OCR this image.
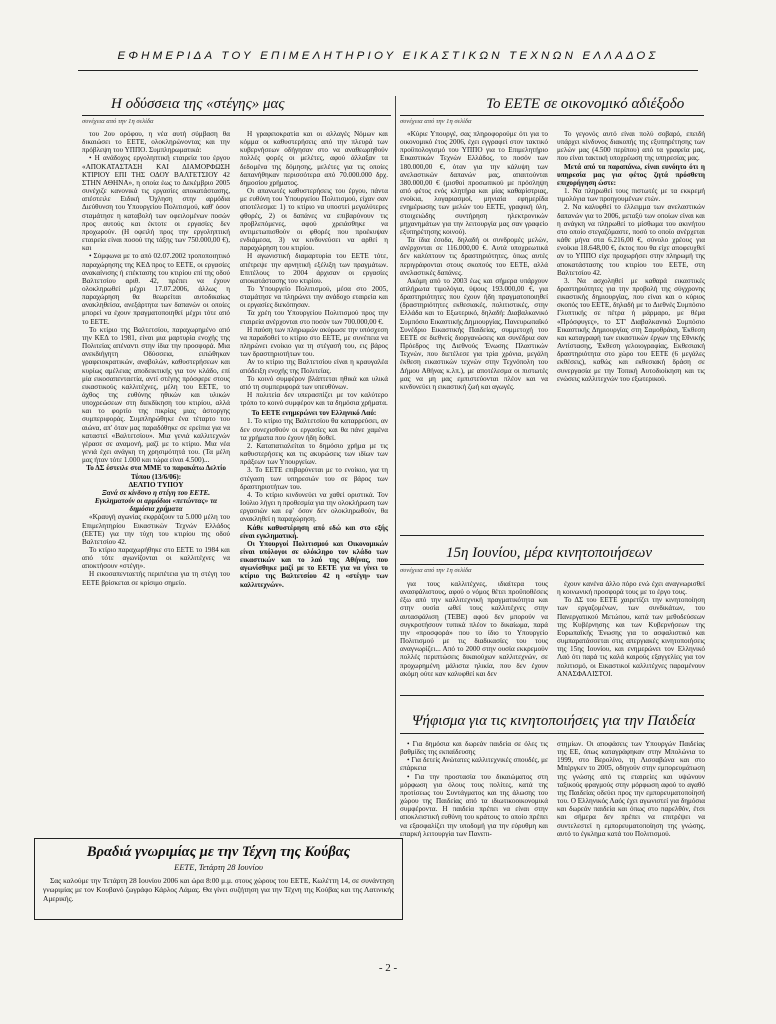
ΕΦΗΜΕΡΙΔΑ ΤΟΥ ΕΠΙΜΕΛΗΤΗΡΙΟΥ ΕΙΚΑΣΤΙΚΩΝ ΤΕΧΝΩΝ ΕΛΛΑΔΟΣ
Η οδύσσεια της «στέγης» μας
συνέχεια από την 1η σελίδα

του 2ου ορόφου, η νέα αυτή σύμβαση θα δικαιώσει το ΕΕΤΕ, ολοκληρώνοντας και την πρόβλεψη του ΥΠΠΟ. Συμπληρωματικά:

• Η ανάδοχος εργοληπτική εταιρεία του έργου «ΑΠΟΚΑΤΑΣΤΑΣΗ ΚΑΙ ΔΙΑΜΟΡΦΩΣΗ ΚΤΙΡΙΟΥ ΕΠΙ ΤΗΣ ΟΔΟΥ ΒΑΛΤΕΤΣΙΟΥ 42 ΣΤΗΝ ΑΘΗΝΑ», η οποία έως το Δεκέμβριο 2005 συνέχιζε κανονικά τις εργασίες αποκατάστασης, απέστειλε Ειδική Όχληση στην αρμόδια Διεύθυνση του Υπουργείου Πολιτισμού, καθ' όσον σταμάτησε η καταβολή των οφειλομένων ποσών προς αυτούς και έκτοτε οι εργασίες δεν προχωρούν. (Η οφειλή προς την εργοληπτική εταιρεία είναι ποσού της τάξης των 750.000,00 €), και

• Σύμφωνα με το από 02.07.2002 τροποποιητικό παραχώρησης της ΚΕΔ προς το ΕΕΤΕ, οι εργασίες ανακαίνισης ή επέκτασης του κτιρίου επί της οδού Βαλτετσίου αριθ. 42, πρέπει να έχουν ολοκληρωθεί μέχρι 17.07.2006, άλλως η παραχώρηση θα θεωρείται αυτοδικαίως ανακληθείσα, ανεξάρτητα των δαπανών οι οποίες μπορεί να έχουν πραγματοποιηθεί μέχρι τότε από το ΕΕΤΕ.

Το κτίριο της Βαλτετσίου, παραχωρημένο από την ΚΕΔ το 1981, είναι μια μαρτυρία ενοχής της Πολιτείας απέναντι στην ίδια την προσφορά. Μια ανεκδιήγητη Οδύσσεια, ειπώθηκαν γραφειοκρατικών, αναβολών, καθυστερήσεων και κυρίως αμέλειας αποδεικτικής για τον κλάδο, επί μία εικοσαπενταετία, αντί στέγης πρόσφερε στους εικαστικούς καλλιτέχνες, μέλη του ΕΕΤΕ, το άχθος της ευθύνης ηθικών και υλικών υποχρεώσεων στη διεκδίκηση του κτιρίου, αλλά και το φορτίο της πικρίας μιας άστοργης συμπεριφοράς. Συμπληρώθηκε ένα τέταρτο του αιώνα, απ' όταν μας παραδόθηκε σε ερείπια για να καταστεί «Βαλτετσίου». Μια γενιά καλλιτεχνών γέρασε σε αναμονή, μαζί με το κτίριο. Μια νέα γενιά έχει ανάγκη τη χρησιμότητά του. (Τα μέλη μας ήταν τότε 1.000 και τώρα είναι 4.500)...

Το ΔΣ έστειλε στα ΜΜΕ το παρακάτω Δελτίο Τύπου (13/6/06):

ΔΕΛΤΙΟ ΤΥΠΟΥ

Ξανά σε κίνδυνο η στέγη του ΕΕΤΕ. Εγκληματούν οι αρμόδιοι «πετώντας» τα δημόσια χρήματα

«Κραυγή αγωνίας εκφράζουν τα 5.000 μέλη του Επιμελητηρίου Εικαστικών Τεχνών Ελλάδος (ΕΕΤΕ) για την τύχη του κτιρίου της οδού Βαλτετσίου 42.

Το κτίριο παραχωρήθηκε στο ΕΕΤΕ το 1984 και από τότε αγωνίζονται οι καλλιτέχνες να αποκτήσουν «στέγη».

Η εικοσαπενταετής περιπέτεια για τη στέγη του ΕΕΤΕ βρίσκεται σε κρίσιμο σημείο.

Η γραφειοκρατία και οι αλλαγές Νόμων και κόμμα οι καθυστερήσεις από την πλευρά των κυβερνήσεων οδήγησαν στο να αναθεωρηθούν πολλές φορές οι μελέτες, αφού άλλαξαν τα δεδομένα της δόμησης, μελέτες για τις οποίες δαπανήθηκαν περισσότερα από 70.000.000 δρχ. δημοσίου χρήματος.

Οι απανωτές καθυστερήσεις του έργου, πάντα με ευθύνη του Υπουργείου Πολιτισμού, είχαν σαν αποτέλεσμα: 1) το κτίριο να υποστεί μεγαλύτερες φθορές, 2) οι δαπάνες να επιβαρύνουν τις προβλεπόμενες, αφού χρειάσθηκε να αντιμετωπισθούν οι φθορές που προέκυψαν ενδιάμεσα, 3) να κινδυνεύσει να αρθεί η παραχώρηση του κτιρίου.

Η αγωνιστική διαμαρτυρία του ΕΕΤΕ τότε, απέτρεψε την αρνητική εξέλιξη των πραγμάτων. Επιτέλους το 2004 άρχισαν οι εργασίες αποκατάστασης του κτιρίου.

Το Υπουργείο Πολιτισμού, μέσα στο 2005, σταμάτησε να πληρώνει την ανάδοχο εταιρεία και οι εργασίες διεκόπησαν.

Τα χρέη του Υπουργείου Πολιτισμού προς την εταιρεία ανέρχονται στο ποσόν των 700.000,00 €.

Η παύση των πληρωμών ακύρωσε την υπόσχεση να παραδοθεί το κτίριο στο ΕΕΤΕ, με συνέπεια να πληρώνει ενοίκιο για τη στέγασή του, εις βάρος των δραστηριοτήτων του.

Αν το κτίριο της Βαλτετσίου είναι η κραυγαλέα απόδειξη ενοχής της Πολιτείας.

Το κοινό συμφέρον βλάπτεται ηθικά και υλικά από τη συμπεριφορά των υπευθύνων.

Η πολιτεία δεν υπερασπίζει με τον καλύτερο τρόπο το κοινό συμφέρον και τα δημόσια χρήματα.

Το ΕΕΤΕ ενημερώνει τον Ελληνικό Λαό:

1. Το κτίριο της Βαλτετσίου θα καταρρεύσει, αν δεν συνεχισθούν οι εργασίες και θα πάνε χαμένα τα χρήματα που έχουν ήδη δοθεί.

2. Καταπατιαλείται το δημόσιο χρήμα με τις καθυστερήσεις και τις ακυρώσεις των ιδίων των πράξεων των Υπουργείων.

3. Το ΕΕΤΕ επιβαρύνεται με το ενοίκιο, για τη στέγαση των υπηρεσιών του σε βάρος των δραστηριοτήτων του.

4. Το κτίριο κινδυνεύει να χαθεί οριστικά. Τον Ιούλιο λήγει η προθεσμία για την ολοκλήρωση των εργασιών και εφ' όσον δεν ολοκληρωθούν, θα ανακληθεί η παραχώρηση.

Κάθε καθυστέρηση από εδώ και στο εξής είναι εγκληματική.

Οι Υπουργοί Πολιτισμού και Οικονομικών είναι υπόλογοι σε ολόκληρο τον κλάδο των εικαστικών και το λαό της Αθήνας, που αγωνίσθηκε μαζί με το ΕΕΤΕ για να γίνει το κτίριο της Βαλτετσίου 42 η «στέγη» των καλλιτεχνών».

Το ΕΕΤΕ σε οικονομικό αδιέξοδο
συνέχεια από την 1η σελίδα

«Κύριε Υπουργέ, σας πληροφορούμε ότι για το οικονομικό έτος 2006, έχει εγγραφεί στον τακτικό προϋπολογισμό του ΥΠΠΟ για το Επιμελητήριο Εικαστικών Τεχνών Ελλάδος, το ποσόν των 180.000,00 €, όταν για την κάλυψη των ανελαστικών δαπανών μας, απαιτούνται 380.000,00 € (μισθοί προσωπικού με πρόσληψη από φέτος ενός κλητήρα και μίας καθαρίστριας, ενοίκια, λογαριασμοί, μηνιαία εφημερίδα ενημέρωσης των μελών του ΕΕΤΕ, γραφική ύλη, στοιχειώδης συντήρηση ηλεκτρονικών μηχανημάτων για την λειτουργία μας σαν γραφείο εξυπηρέτησης κοινού).

Τα ίδια έσοδα, δηλαδή οι συνδρομές μελών, ανέρχονται σε 116.000,00 €. Αυτά υποχρεωτικά δεν καλύπτουν τις δραστηριότητες, όπως αυτές περιγράφονται στους σκοπούς του ΕΕΤΕ, αλλά ανελαστικές δαπάνες.

Ακόμη από το 2003 έως και σήμερα υπάρχουν απλήρωτα τιμολόγια, ύψους 193.000,00 €, για δραστηριότητες που έχουν ήδη πραγματοποιηθεί (δραστηριότητες εκθεσιακές, πολιτιστικές, στην Ελλάδα και το Εξωτερικό, δηλαδή: Διαβαλκανικό Συμπόσιο Εικαστικής Δημιουργίας, Πανευρωπαϊκό Συνέδριο Εικαστικής Παιδείας, συμμετοχή του ΕΕΤΕ σε διεθνείς διοργανώσεις και συνέδρια σαν Πρόεδρος της Διεθνούς Ένωσης Πλαστικών Τεχνών, που διετέλεσε για τρία χρόνια, μεγάλη έκθεση εικαστικών τεχνών στην Τεχνόπολη του Δήμου Αθήνας κ.λπ.), με αποτέλεσμα οι πιστωτές μας να μη μας εμπιστεύονται πλέον και να κινδυνεύει η εικαστική ζωή και αγωγές.

Το γεγονός αυτό είναι πολύ σοβαρό, επειδή υπάρχει κίνδυνος διακοπής της εξυπηρέτησης των μελών μας (4.500 περίπου) από τα γραφεία μας, που είναι τακτική υποχρέωση της υπηρεσίας μας.

Μετά από τα παραπάνω, είναι ευνόητο ότι η υπηρεσία μας για φέτος ζητά πρόσθετη επιχορήγηση ώστε:

1. Να πληρωθεί τους πιστωτές με τα εκκρεμή τιμολόγια των προηγουμένων ετών.

2. Να καλυφθεί το έλλειμμα των ανελαστικών δαπανών για το 2006, μεταξύ των οποίων είναι και η ανάγκη να πληρωθεί το μίσθωμα του ακινήτου στο οποίο στεγαζόμαστε, ποσό το οποίο ανέρχεται κάθε μήνα στα 6.216,00 €, σύνολο χρέους για ενοίκια 18.648,00 €, έκτος που θα είχε αποφευχθεί αν το ΥΠΠΟ είχε προχωρήσει στην πληρωμή της αποκατάστασης του κτιρίου του ΕΕΤΕ, στη Βαλτετσίου 42.

3. Να ασχοληθεί με καθαρά εικαστικές δραστηριότητες για την προβολή της σύγχρονης εικαστικής δημιουργίας, που είναι και ο κύριος σκοπός του ΕΕΤΕ, δηλαδή με το Διεθνές Συμπόσιο Γλυπτικής σε πέτρα ή μάρμαρο, με θέμα «Πρόσφυγες», το ΣΤ' Διαβαλκανικό Συμπόσιο Εικαστικής Δημιουργίας στη Σαμοθράκη, Έκθεση και καταγραφή των εικαστικών έργων της Εθνικής Αντίστασης, Έκθεση γελοιογραφίας, Εκθεσιακή δραστηριότητα στο χώρο του ΕΕΤΕ (6 μεγάλες εκθέσεις), καθώς και εκθεσιακή δράση σε συνεργασία με την Τοπική Αυτοδιοίκηση και τις ενώσεις καλλιτεχνών του εξωτερικού.

15η Ιουνίου, μέρα κινητοποιήσεων
συνέχεια από την 1η σελίδα

για τους καλλιτέχνες, ιδιαίτερα τους ανασφάλιστους, αφού ο νόμος θέτει προϋποθέσεις έξω από την καλλιτεχνική πραγματικότητα και στην ουσία ωθεί τους καλλιτέχνες στην αυτασφάλιση (ΤΕΒΕ) αφού δεν μπορούν να συγκροτήσουν τυπικά πλέον το δικαίωμα, παρά την «προσφορά» που το ίδιο το Υπουργείο Πολιτισμού με τις διαδικασίες του τους αναγνωρίζει... Από το 2000 στην ουσία εκκρεμούν πολλές περιπτώσεις δικαιούχων καλλιτεχνών, σε προχωρημένη μάλιστα ηλικία, που δεν έχουν ακόμη ούτε καν καλυφθεί και δεν

έχουν κανένα άλλο πόρο ενώ έχει αναγνωρισθεί η κοινωνική προσφορά τους με το έργο τους.

Το ΔΣ του ΕΕΤΕ χαιρετίζει την κινητοποίηση των εργαζομένων, των συνδικάτων, του Πανεργατικού Μετώπου, κατά των μεθοδεύσεων της Κυβέρνησης και των Κυβερνήσεων της Ευρωπαϊκής Ένωσης για το ασφαλιστικό και συμπαρατάσσεται στις απεργιακές κινητοποιήσεις της 15ης Ιουνίου, και ενημερώνει τον Ελληνικό Λαό ότι παρά τις καλά καιρούς εξαγγελίες για τον πολιτισμό, οι Εικαστικοί καλλιτέχνες παραμένουν ΑΝΑΣΦΑΛΙΣΤΟΙ.

Ψήφισμα για τις κινητοποιήσεις για την Παιδεία

• Για δημόσια και δωρεάν παιδεία σε όλες τις βαθμίδες της εκπαίδευσης

• Για δετείς Ανώτατες καλλιτεχνικές σπουδές, με επάρκεια

• Για την προστασία του δικαιώματος στη μόρφωση για όλους τους πολίτες, κατά της προτίσεως του Συντάγματος και της άλωσης του χώρου της Παιδείας από τα ιδιωτικοοικονομικά συμφέροντα. Η παιδεία πρέπει να είναι στην αποκλειστική ευθύνη του κράτους το οποίο πρέπει να εξασφαλίζει την υποδομή για την εύρυθμη και επαρκή λειτουργία των Πανεπι-

στημίων. Οι αποφάσεις των Υπουργών Παιδείας της ΕΕ, όπως καταγράφηκαν στην Μπολώνια το 1999, στο Βερολίνο, τη Λισσαβώνα και στο Μπέργκεν το 2005, οδηγούν στην εμπορευμάτωση της γνώσης από τις εταιρείες και υψώνουν ταξικούς φραγμούς στην μόρφωση αφού το αγαθό της Παιδείας οδεύει προς την εμπορευματοποίησή του. Ο Ελληνικός Λαός έχει αγωνιστεί για δημόσια και δωρεάν παιδεία και όπως στο παρελθόν, έτσι και σήμερα δεν πρέπει να επιτρέψει να συντελεστεί η εμπορευματοποίηση της γνώσης, αυτό το έγκλημα κατά του Πολιτισμού.

Βραδιά γνωριμίας με την Τέχνη της Κούβας
ΕΕΤΕ, Τετάρτη 28 Ιουνίου

Σας καλούμε την Τετάρτη 28 Ιουνίου 2006 και ώρα 8:00 μ.μ. στους χώρους του ΕΕΤΕ, Κωλέττη 14, σε συνάντηση γνωριμίας με τον Κουβανό ζωγράφο Κάρλος Λάμας. Θα γίνει συζήτηση για την Τέχνη της Κούβας και της Λατινικής Αμερικής.

- 2 -
